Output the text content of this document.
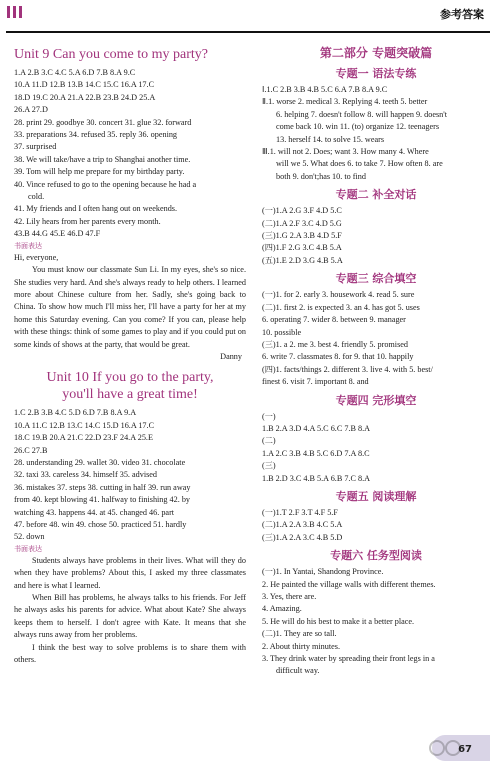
参考答案
Unit 9 Can you come to my party?
1.A 2.B 3.C 4.C 5.A 6.D 7.B 8.A 9.C
10.A 11.D 12.B 13.B 14.C 15.C 16.A 17.C
18.D 19.C 20.A 21.A 22.B 23.B 24.D 25.A
26.A 27.D
28. print 29. goodbye 30. concert 31. glue 32. forward
33. preparations 34. refused 35. reply 36. opening
37. surprised
38. We will take/have a trip to Shanghai another time.
39. Tom will help me prepare for my birthday party.
40. Vince refused to go to the opening because he had a
cold.
41. My friends and I often hang out on weekends.
42. Lily hears from her parents every month.
43.B 44.G 45.E 46.D 47.F
书面表达
Hi, everyone,
You must know our classmate Sun Li. In my eyes, she's so nice. She studies very hard. And she's always ready to help others. I learned more about Chinese culture from her. Sadly, she's going back to China. To show how much I'll miss her, I'll have a party for her at my home this Saturday evening. Can you come? If you can, please help with these things: think of some games to play and if you could put on some kinds of shows at the party, that would be great.
Danny
Unit 10 If you go to the party,
you'll have a great time!
1.C 2.B 3.B 4.C 5.D 6.D 7.B 8.A 9.A
10.A 11.C 12.B 13.C 14.C 15.D 16.A 17.C
18.C 19.B 20.A 21.C 22.D 23.F 24.A 25.E
26.C 27.B
28. understanding 29. wallet 30. video 31. chocolate
32. taxi 33. careless 34. himself 35. advised
36. mistakes 37. steps 38. cutting in half 39. run away
from 40. kept blowing 41. halfway to finishing 42. by
watching 43. happens 44. at 45. changed 46. part
47. before 48. win 49. chose 50. practiced 51. hardly
52. down
书面表达
Students always have problems in their lives. What will they do when they have problems? About this, I asked my three classmates and here is what I learned.
When Bill has problems, he always talks to his friends. For Jeff he always asks his parents for advice. What about Kate? She always keeps them to herself. I don't agree with Kate. It means that she always runs away from her problems.
I think the best way to solve problems is to share them with others.
第二部分 专题突破篇
专题一 语法专练
Ⅰ.1.C 2.B 3.B 4.B 5.C 6.A 7.B 8.A 9.C
Ⅱ.1. worse 2. medical 3. Replying 4. teeth 5. better
6. helping 7. doesn't follow 8. will happen 9. doesn't
come back 10. win 11. (to) organize 12. teenagers
13. herself 14. to solve 15. wears
Ⅲ.1. will not 2. Does; want 3. How many 4. Where
will we 5. What does 6. to take 7. How often 8. are
both 9. don't;has 10. to find
专题二 补全对话
(一)1.A 2.G 3.F 4.D 5.C
(二)1.A 2.F 3.C 4.D 5.G
(三)1.G 2.A 3.B 4.D 5.F
(四)1.F 2.G 3.C 4.B 5.A
(五)1.E 2.D 3.G 4.B 5.A
专题三 综合填空
(一)1. for 2. early 3. housework 4. read 5. sure
(二)1. first 2. is expected 3. an 4. has got 5. uses
6. operating 7. wider 8. between 9. manager
10. possible
(三)1. a 2. me 3. best 4. friendly 5. promised
6. write 7. classmates 8. for 9. that 10. happily
(四)1. facts/things 2. different 3. live 4. with 5. best/
finest 6. visit 7. important 8. and
专题四 完形填空
(一)
1.B 2.A 3.D 4.A 5.C 6.C 7.B 8.A
(二)
1.A 2.C 3.B 4.B 5.C 6.D 7.A 8.C
(三)
1.B 2.D 3.C 4.B 5.A 6.B 7.C 8.A
专题五 阅读理解
(一)1.T 2.F 3.T 4.F 5.F
(二)1.A 2.A 3.B 4.C 5.A
(三)1.A 2.A 3.C 4.B 5.D
专题六 任务型阅读
(一)1. In Yantai, Shandong Province.
2. He painted the village walls with different themes.
3. Yes, there are.
4. Amazing.
5. He will do his best to make it a better place.
(二)1. They are so tall.
2. About thirty minutes.
3. They drink water by spreading their front legs in a
difficult way.
67
